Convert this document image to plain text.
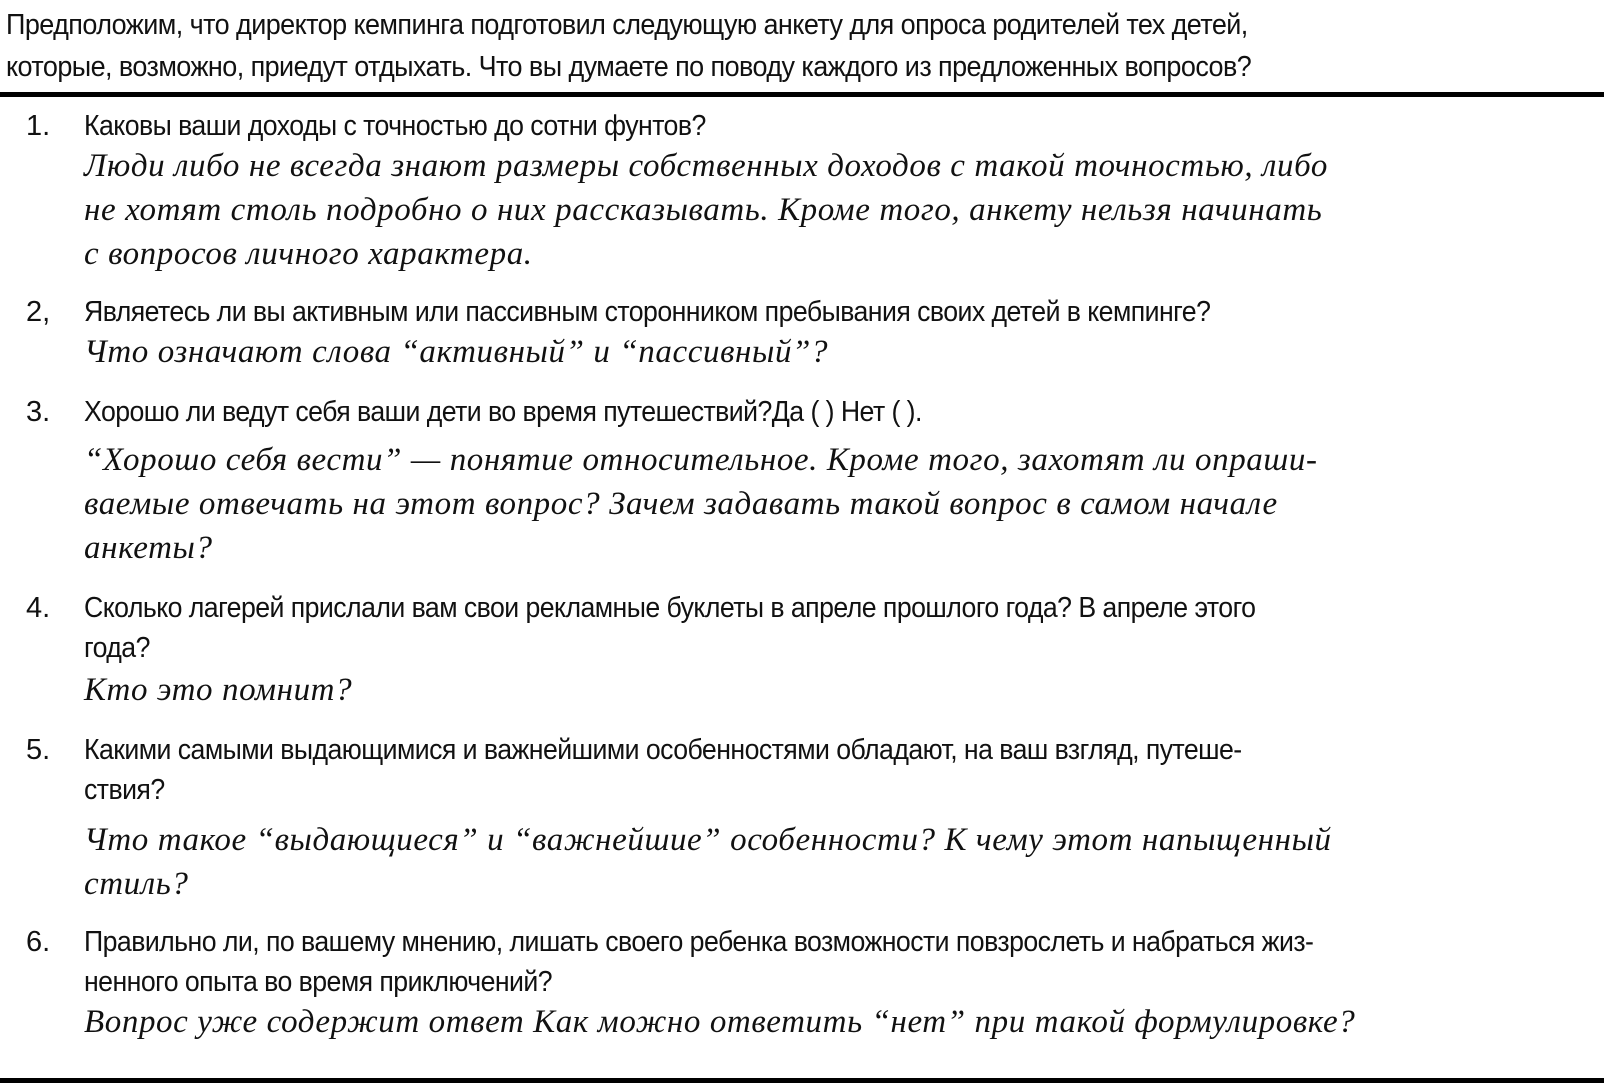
Предположим, что директор кемпинга подготовил следующую анкету для опроса родителей тех детей,
которые, возможно, приедут отдыхать. Что вы думаете по поводу каждого из предложенных вопросов?
1. Каковы ваши доходы с точностью до сотни фунтов?
Люди либо не всегда знают размеры собственных доходов с такой точностью, либо
не хотят столь подробно о них рассказывать. Кроме того, анкету нельзя начинать
с вопросов личного характера.
2, Являетесь ли вы активным или пассивным сторонником пребывания своих детей в кемпинге?
Что означают слова “активный” и “пассивный”?
3. Хорошо ли ведут себя ваши дети во время путешествий?Да ( ) Нет ( ).
“Хорошо себя вести” — понятие относительное. Кроме того, захотят ли опраши-
ваемые отвечать на этот вопрос? Зачем задавать такой вопрос в самом начале
анкеты?
4. Сколько лагерей прислали вам свои рекламные буклеты в апреле прошлого года? В апреле этого
года?
Кто это помнит?
5. Какими самыми выдающимися и важнейшими особенностями обладают, на ваш взгляд, путеше-
ствия?
Что такое “выдающиеся” и “важнейшие” особенности? К чему этот напыщенный
стиль?
6. Правильно ли, по вашему мнению, лишать своего ребенка возможности повзрослеть и набраться жиз-
ненного опыта во время приключений?
Вопрос уже содержит ответ Как можно ответить “нет” при такой формулировке?
